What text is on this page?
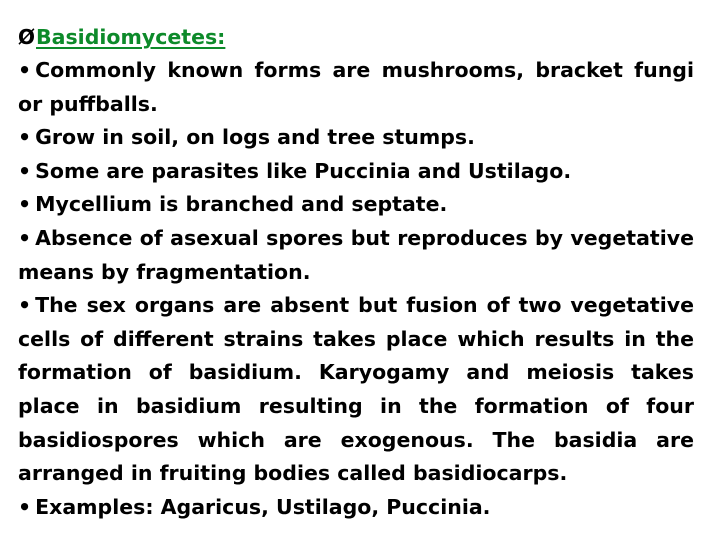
Ø Basidiomycetes:
• Commonly known forms are mushrooms, bracket fungi or puffballs.
• Grow in soil, on logs and tree stumps.
• Some are parasites like Puccinia and Ustilago.
• Mycellium is branched and septate.
• Absence of asexual spores but reproduces by vegetative means by fragmentation.
• The sex organs are absent but fusion of two vegetative cells of different strains takes place which results in the formation of basidium. Karyogamy and meiosis takes place in basidium resulting in the formation of four basidiospores which are exogenous. The basidia are arranged in fruiting bodies called basidiocarps.
• Examples: Agaricus, Ustilago, Puccinia.
